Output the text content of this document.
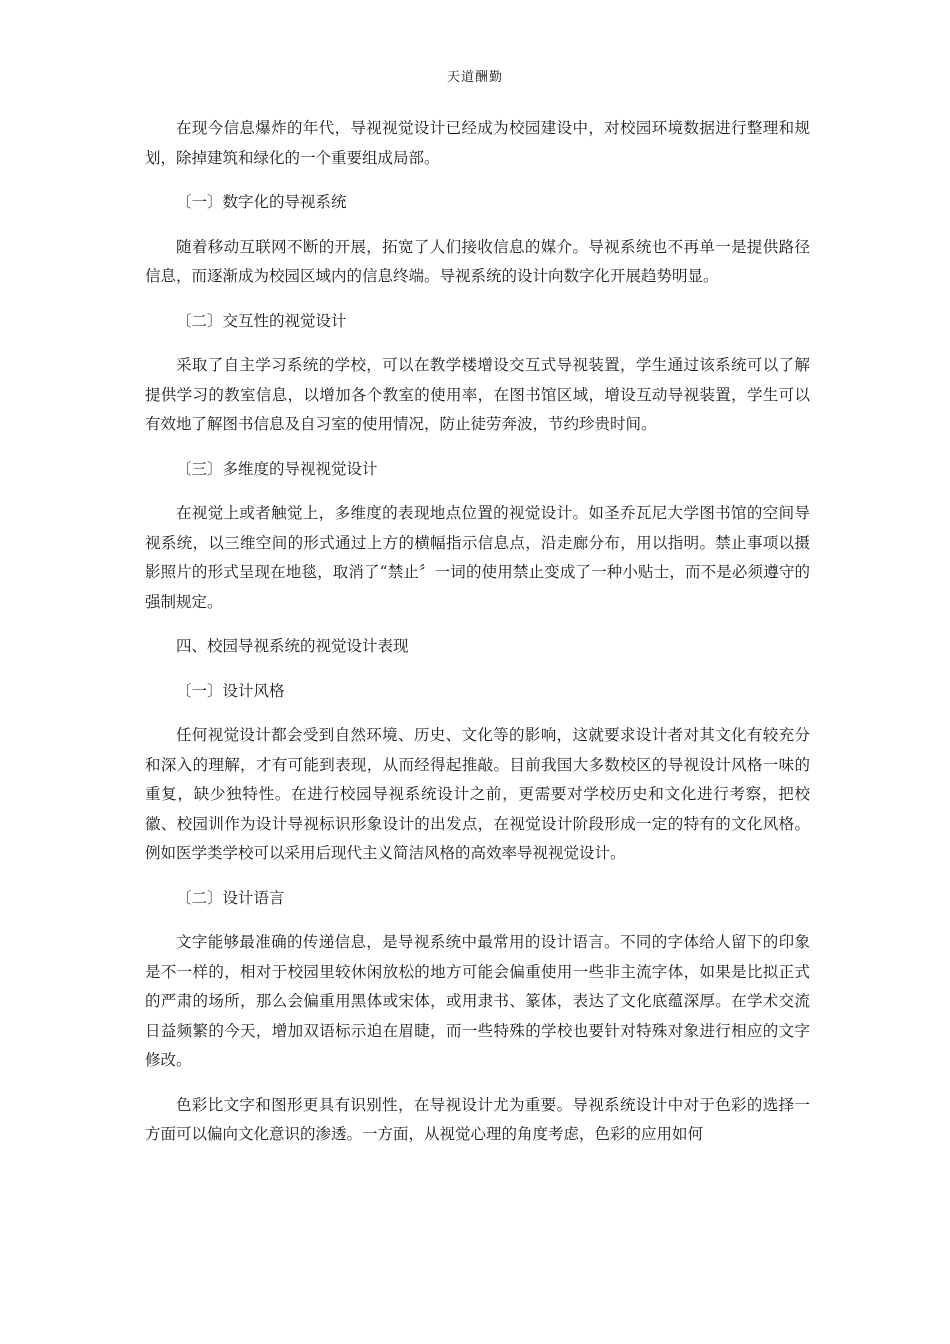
天道酬勤

在现今信息爆炸的年代，导视视觉设计已经成为校园建设中，对校园环境数据进行整理和规划，除掉建筑和绿化的一个重要组成局部。

〔一〕数字化的导视系统

随着移动互联网不断的开展，拓宽了人们接收信息的媒介。导视系统也不再单一是提供路径信息，而逐渐成为校园区域内的信息终端。导视系统的设计向数字化开展趋势明显。

〔二〕交互性的视觉设计

采取了自主学习系统的学校，可以在教学楼增设交互式导视装置，学生通过该系统可以了解提供学习的教室信息，以增加各个教室的使用率，在图书馆区域，增设互动导视装置，学生可以有效地了解图书信息及自习室的使用情况，防止徒劳奔波，节约珍贵时间。

〔三〕多维度的导视视觉设计

在视觉上或者触觉上，多维度的表现地点位置的视觉设计。如圣乔瓦尼大学图书馆的空间导视系统，以三维空间的形式通过上方的横幅指示信息点，沿走廊分布，用以指明。禁止事项以摄影照片的形式呈现在地毯，取消了“禁止〞一词的使用禁止变成了一种小贴士，而不是必须遵守的强制规定。

四、校园导视系统的视觉设计表现

〔一〕设计风格

任何视觉设计都会受到自然环境、历史、文化等的影响，这就要求设计者对其文化有较充分和深入的理解，才有可能到表现，从而经得起推敲。目前我国大多数校区的导视设计风格一味的重复，缺少独特性。在进行校园导视系统设计之前，更需要对学校历史和文化进行考察，把校徽、校园训作为设计导视标识形象设计的出发点，在视觉设计阶段形成一定的特有的文化风格。例如医学类学校可以采用后现代主义简洁风格的高效率导视视觉设计。

〔二〕设计语言

文字能够最准确的传递信息，是导视系统中最常用的设计语言。不同的字体给人留下的印象是不一样的，相对于校园里较休闲放松的地方可能会偏重使用一些非主流字体，如果是比拟正式的严肃的场所，那么会偏重用黑体或宋体，或用隶书、篆体，表达了文化底蕴深厚。在学术交流日益频繁的今天，增加双语标示迫在眉睫，而一些特殊的学校也要针对特殊对象进行相应的文字修改。

色彩比文字和图形更具有识别性，在导视设计尤为重要。导视系统设计中对于色彩的选择一方面可以偏向文化意识的渗透。一方面，从视觉心理的角度考虑，色彩的应用如何
